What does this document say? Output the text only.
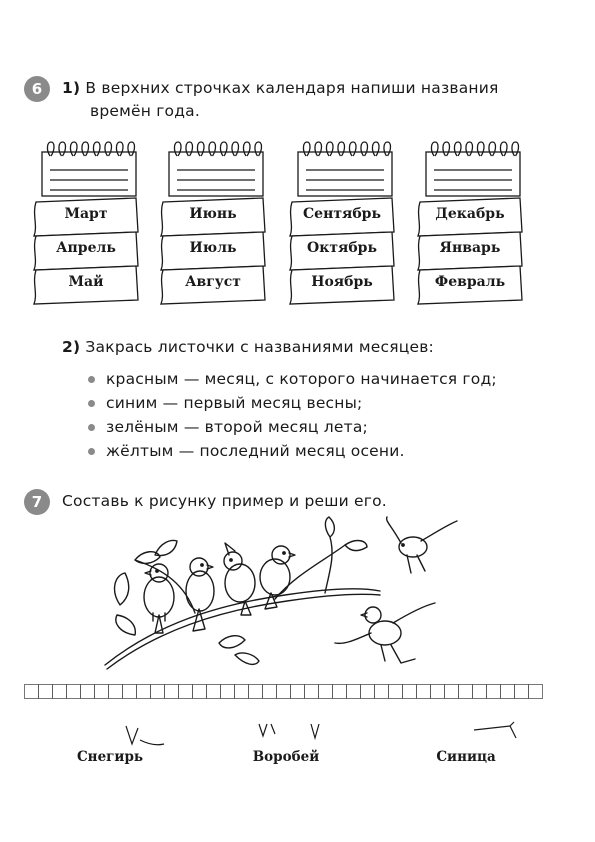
6	1) В верхних строчках календаря напиши названия
времён года.
Март
Апрель
Май
Июнь
Июль
Август
Сентябрь
Октябрь
Ноябрь
Декабрь
Январь
Февраль
2) Закрась листочки с названиями месяцев:
красным — месяц, с которого начинается год;
синим — первый месяц весны;
зелёным — второй месяц лета;
жёлтым — последний месяц осени.
7	Составь к рисунку пример и реши его.
Снегирь	Воробей	Синица
